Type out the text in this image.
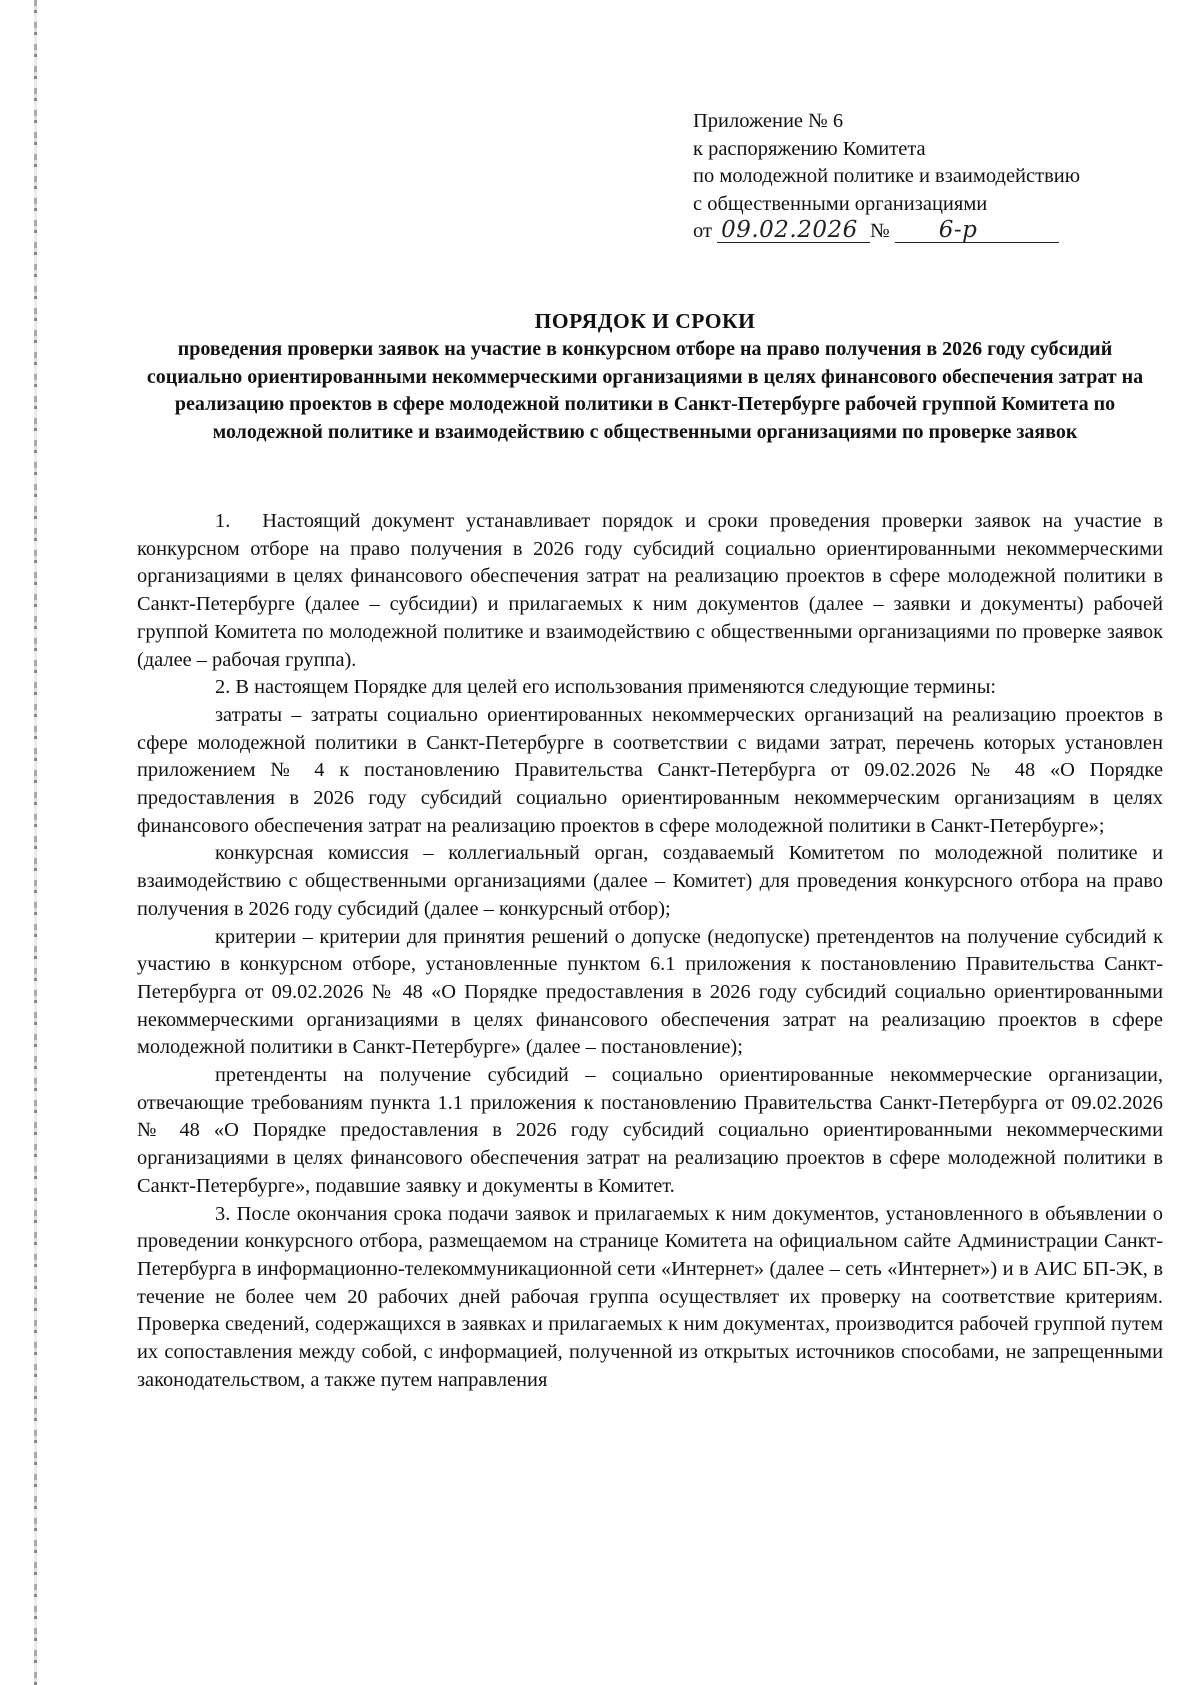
Приложение № 6
к распоряжению Комитета
по молодежной политике и взаимодействию
с общественными организациями
от 09.02.2026 № 6-р
ПОРЯДОК И СРОКИ
проведения проверки заявок на участие в конкурсном отборе на право получения в 2026 году субсидий социально ориентированными некоммерческими организациями в целях финансового обеспечения затрат на реализацию проектов в сфере молодежной политики в Санкт-Петербурге рабочей группой Комитета по молодежной политике и взаимодействию с общественными организациями по проверке заявок

1. Настоящий документ устанавливает порядок и сроки проведения проверки заявок на участие в конкурсном отборе на право получения в 2026 году субсидий социально ориентированными некоммерческими организациями в целях финансового обеспечения затрат на реализацию проектов в сфере молодежной политики в Санкт-Петербурге (далее – субсидии) и прилагаемых к ним документов (далее – заявки и документы) рабочей группой Комитета по молодежной политике и взаимодействию с общественными организациями по проверке заявок (далее – рабочая группа).

2. В настоящем Порядке для целей его использования применяются следующие термины:

затраты – затраты социально ориентированных некоммерческих организаций на реализацию проектов в сфере молодежной политики в Санкт-Петербурге в соответствии с видами затрат, перечень которых установлен приложением № 4 к постановлению Правительства Санкт-Петербурга от 09.02.2026 № 48 «О Порядке предоставления в 2026 году субсидий социально ориентированным некоммерческим организациям в целях финансового обеспечения затрат на реализацию проектов в сфере молодежной политики в Санкт-Петербурге»;

конкурсная комиссия – коллегиальный орган, создаваемый Комитетом по молодежной политике и взаимодействию с общественными организациями (далее – Комитет) для проведения конкурсного отбора на право получения в 2026 году субсидий (далее – конкурсный отбор);

критерии – критерии для принятия решений о допуске (недопуске) претендентов на получение субсидий к участию в конкурсном отборе, установленные пунктом 6.1 приложения к постановлению Правительства Санкт-Петербурга от 09.02.2026 № 48 «О Порядке предоставления в 2026 году субсидий социально ориентированными некоммерческими организациями в целях финансового обеспечения затрат на реализацию проектов в сфере молодежной политики в Санкт-Петербурге» (далее – постановление);

претенденты на получение субсидий – социально ориентированные некоммерческие организации, отвечающие требованиям пункта 1.1 приложения к постановлению Правительства Санкт-Петербурга от 09.02.2026 № 48 «О Порядке предоставления в 2026 году субсидий социально ориентированными некоммерческими организациями в целях финансового обеспечения затрат на реализацию проектов в сфере молодежной политики в Санкт-Петербурге», подавшие заявку и документы в Комитет.

3. После окончания срока подачи заявок и прилагаемых к ним документов, установленного в объявлении о проведении конкурсного отбора, размещаемом на странице Комитета на официальном сайте Администрации Санкт-Петербурга в информационно-телекоммуникационной сети «Интернет» (далее – сеть «Интернет») и в АИС БП-ЭК, в течение не более чем 20 рабочих дней рабочая группа осуществляет их проверку на соответствие критериям. Проверка сведений, содержащихся в заявках и прилагаемых к ним документах, производится рабочей группой путем их сопоставления между собой, с информацией, полученной из открытых источников способами, не запрещенными законодательством, а также путем направления
